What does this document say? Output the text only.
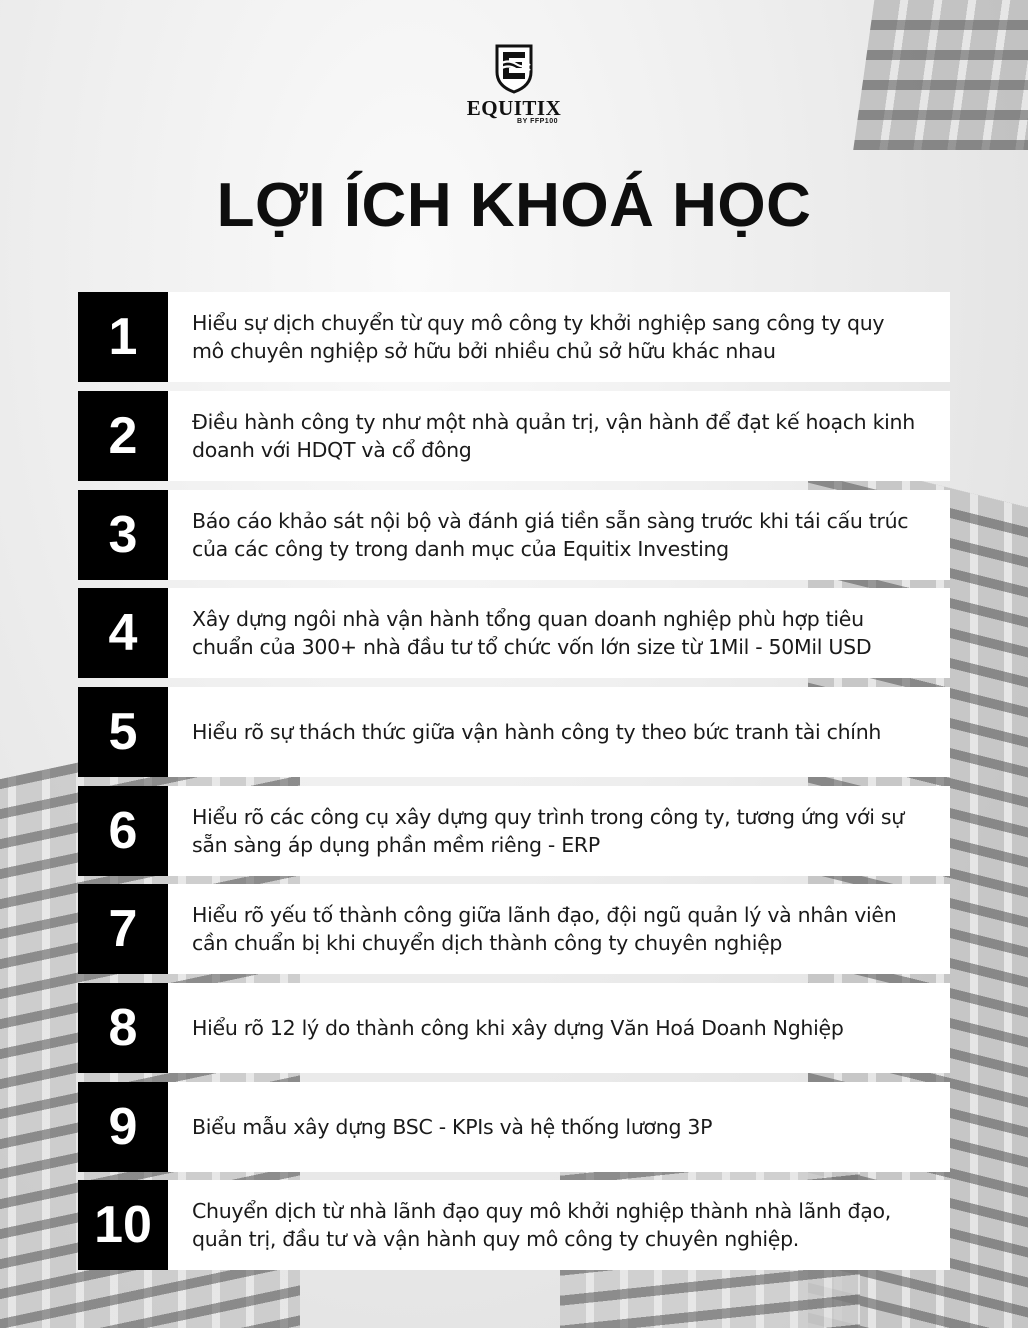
EQUITIX
BY FFP100
LỢI ÍCH KHOÁ HỌC
1	Hiểu sự dịch chuyển từ quy mô công ty khởi nghiệp sang công ty quy mô chuyên nghiệp sở hữu bởi nhiều chủ sở hữu khác nhau
2	Điều hành công ty như một nhà quản trị, vận hành để đạt kế hoạch kinh doanh với HDQT và cổ đông
3	Báo cáo khảo sát nội bộ và đánh giá tiền sẵn sàng trước khi tái cấu trúc của các công ty trong danh mục của Equitix Investing
4	Xây dựng ngôi nhà vận hành tổng quan doanh nghiệp phù hợp tiêu chuẩn của 300+ nhà đầu tư tổ chức vốn lớn size từ 1Mil - 50Mil USD
5	Hiểu rõ sự thách thức giữa vận hành công ty theo bức tranh tài chính
6	Hiểu rõ các công cụ xây dựng quy trình trong công ty, tương ứng với sự sẵn sàng áp dụng phần mềm riêng - ERP
7	Hiểu rõ yếu tố thành công giữa lãnh đạo, đội ngũ quản lý và nhân viên cần chuẩn bị khi chuyển dịch thành công ty chuyên nghiệp
8	Hiểu rõ 12 lý do thành công khi xây dựng Văn Hoá Doanh Nghiệp
9	Biểu mẫu xây dựng BSC - KPIs và hệ thống lương 3P
10	Chuyển dịch từ nhà lãnh đạo quy mô khởi nghiệp thành nhà lãnh đạo, quản trị, đầu tư và vận hành quy mô công ty chuyên nghiệp.
